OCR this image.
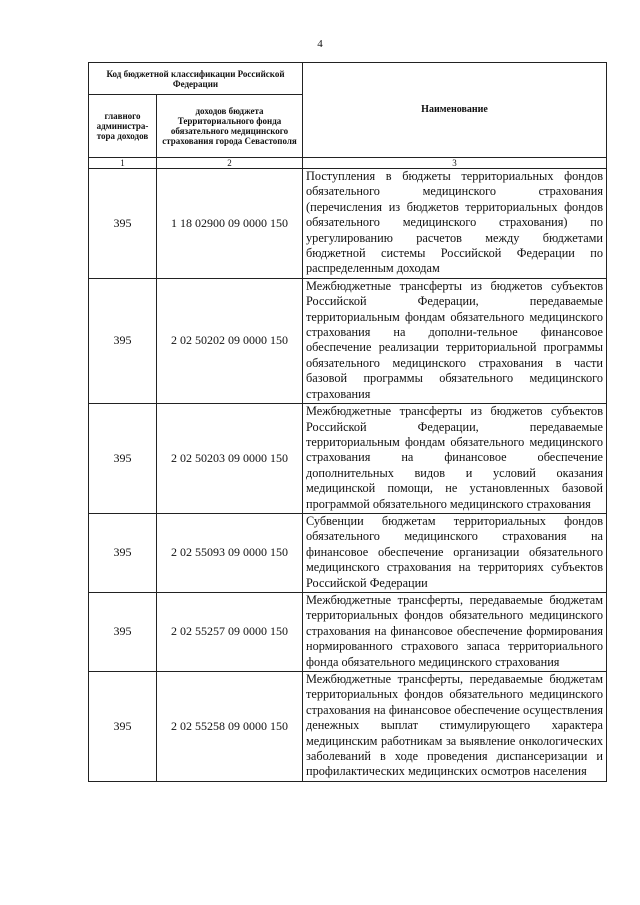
4
Код бюджетной классификации Российской Федерации		Наименование
главного администра-тора доходов	доходов бюджета Территориального фонда обязательного медицинского страхования города Севастополя	
1	2	3
395	1 18 02900 09 0000 150	Поступления в бюджеты территориальных фондов обязательного медицинского страхования (перечисления из бюджетов территориальных фондов обязательного медицинского страхования) по урегулированию расчетов между бюджетами бюджетной системы Российской Федерации по распределенным доходам
395	2 02 50202 09 0000 150	Межбюджетные трансферты из бюджетов субъектов Российской Федерации, передаваемые территориальным фондам обязательного медицинского страхования на дополни-тельное финансовое обеспечение реализации территориальной программы обязательного медицинского страхования в части базовой программы обязательного медицинского страхования
395	2 02 50203 09 0000 150	Межбюджетные трансферты из бюджетов субъектов Российской Федерации, передаваемые территориальным фондам обязательного медицинского страхования на финансовое обеспечение дополнительных видов и условий оказания медицинской помощи, не установленных базовой программой обязательного медицинского страхования
395	2 02 55093 09 0000 150	Субвенции бюджетам территориальных фондов обязательного медицинского страхования на финансовое обеспечение организации обязательного медицинского страхования на территориях субъектов Российской Федерации
395	2 02 55257 09 0000 150	Межбюджетные трансферты, передаваемые бюджетам территориальных фондов обязательного медицинского страхования на финансовое обеспечение формирования нормированного страхового запаса территориального фонда обязательного медицинского страхования
395	2 02 55258 09 0000 150	Межбюджетные трансферты, передаваемые бюджетам территориальных фондов обязательного медицинского страхования на финансовое обеспечение осуществления денежных выплат стимулирующего характера медицинским работникам за выявление онкологических заболеваний в ходе проведения диспансеризации и профилактических медицинских осмотров населения
